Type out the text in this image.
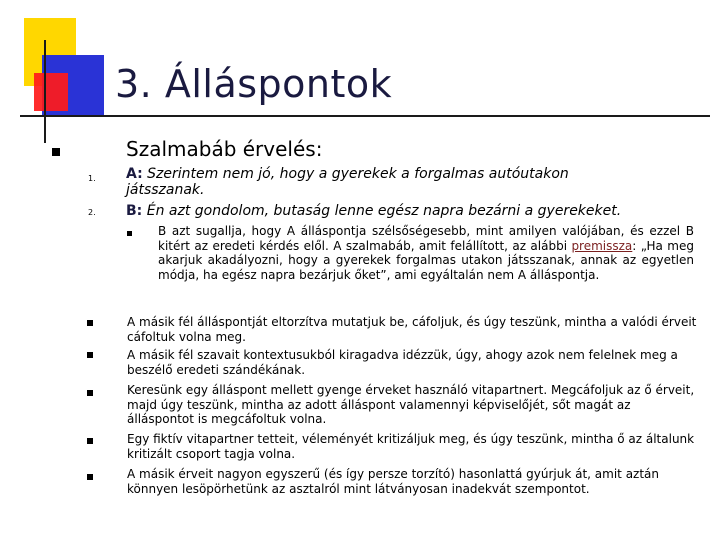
3. Álláspontok

Szalmabáb érvelés:

1. A: Szerintem nem jó, hogy a gyerekek a forgalmas autóutakon
játsszanak.

2. B: Én azt gondolom, butaság lenne egész napra bezárni a gyerekeket.

B azt sugallja, hogy A álláspontja szélsőségesebb, mint amilyen valójában, és ezzel B kitért az eredeti kérdés elől. A szalmabáb, amit felállított, az alábbi premissza: „Ha meg akarjuk akadályozni, hogy a gyerekek forgalmas utakon játsszanak, annak az egyetlen módja, ha egész napra bezárjuk őket”, ami egyáltalán nem A álláspontja.

A másik fél álláspontját eltorzítva mutatjuk be, cáfoljuk, és úgy teszünk, mintha a valódi érveit cáfoltuk volna meg.

A másik fél szavait kontextusukból kiragadva idézzük, úgy, ahogy azok nem felelnek meg a beszélő eredeti szándékának.

Keresünk egy álláspont mellett gyenge érveket használó vitapartnert. Megcáfoljuk az ő érveit, majd úgy teszünk, mintha az adott álláspont valamennyi képviselőjét, sőt magát az álláspontot is megcáfoltuk volna.

Egy fiktív vitapartner tetteit, véleményét kritizáljuk meg, és úgy teszünk, mintha ő az általunk kritizált csoport tagja volna.

A másik érveit nagyon egyszerű (és így persze torzító) hasonlattá gyúrjuk át, amit aztán könnyen lesöpörhetünk az asztalról mint látványosan inadekvát szempontot.
